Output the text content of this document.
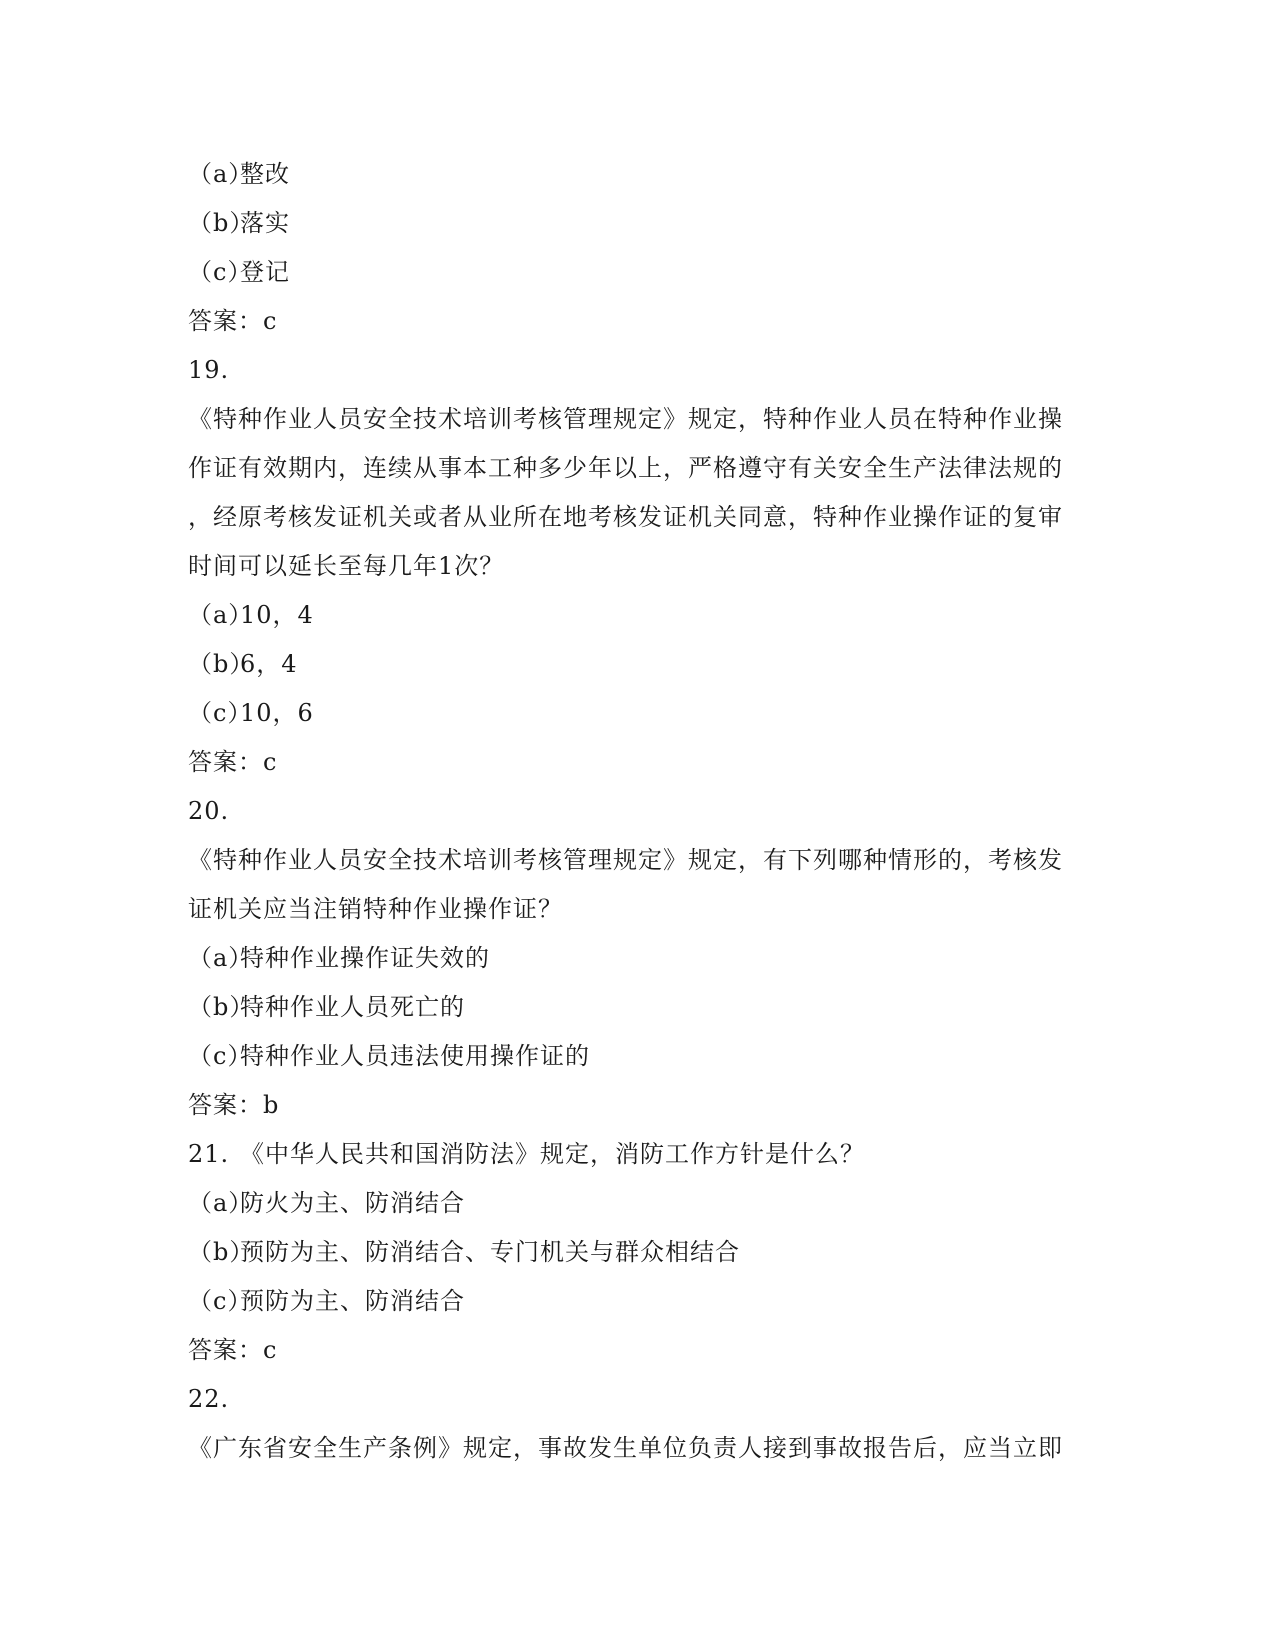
（a）整改
（b）落实
（c）登记
答案：c
19.
《特种作业人员安全技术培训考核管理规定》规定，特种作业人员在特种作业操
作证有效期内，连续从事本工种多少年以上，严格遵守有关安全生产法律法规的
，经原考核发证机关或者从业所在地考核发证机关同意，特种作业操作证的复审
时间可以延长至每几年1次？
（a）10，4
（b）6，4
（c）10，6
答案：c
20.
《特种作业人员安全技术培训考核管理规定》规定，有下列哪种情形的，考核发
证机关应当注销特种作业操作证？
（a）特种作业操作证失效的
（b）特种作业人员死亡的
（c）特种作业人员违法使用操作证的
答案：b
21. 《中华人民共和国消防法》规定，消防工作方针是什么？
（a）防火为主、防消结合
（b）预防为主、防消结合、专门机关与群众相结合
（c）预防为主、防消结合
答案：c
22.
《广东省安全生产条例》规定，事故发生单位负责人接到事故报告后，应当立即
